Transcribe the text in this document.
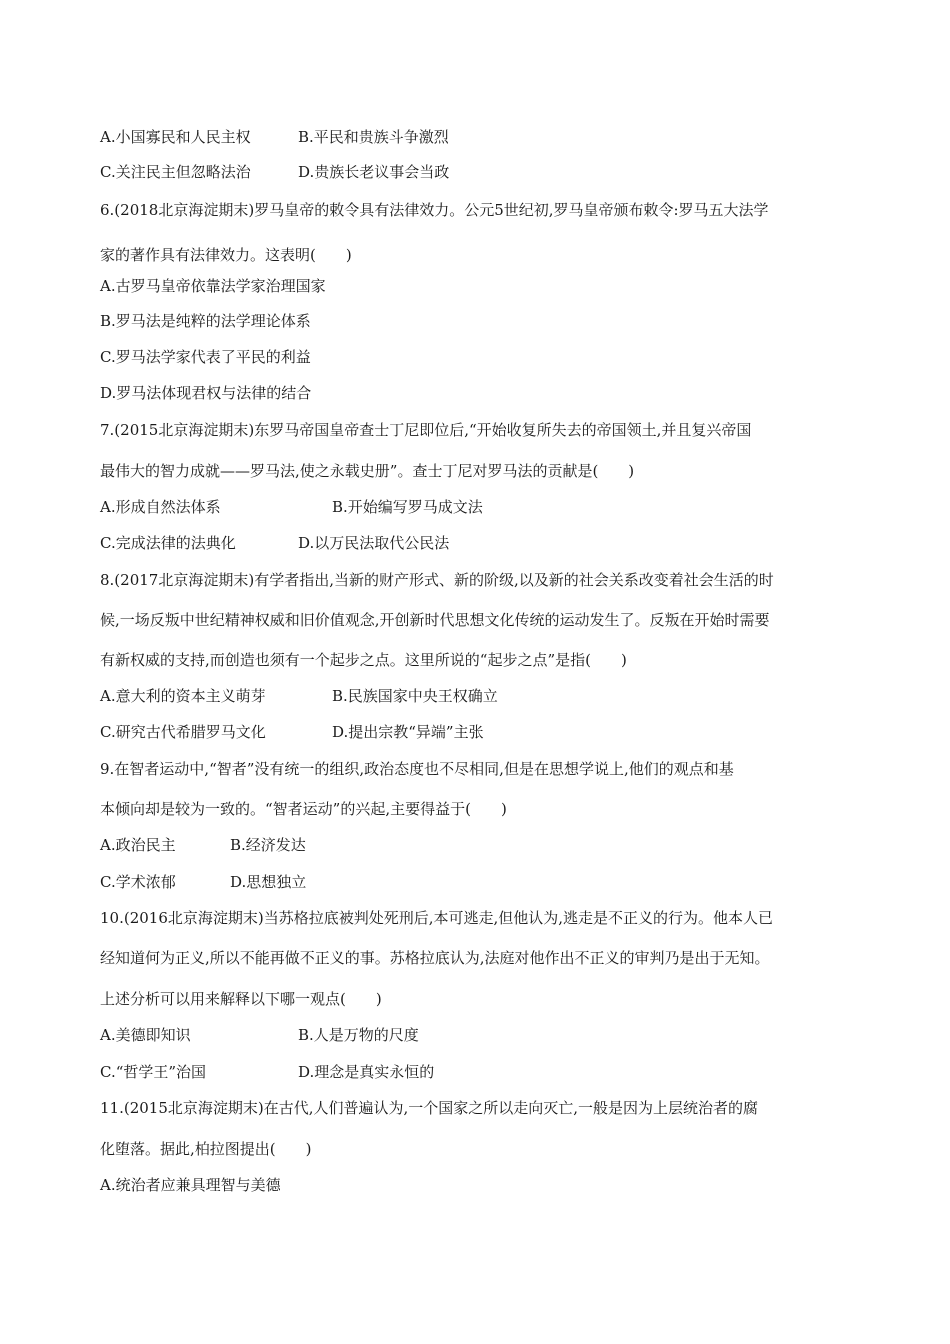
A.小国寡民和人民主权	B.平民和贵族斗争激烈
C.关注民主但忽略法治	D.贵族长老议事会当政
6.(2018北京海淀期末)罗马皇帝的敕令具有法律效力。公元5世纪初,罗马皇帝颁布敕令:罗马五大法学
家的著作具有法律效力。这表明(　　)
A.古罗马皇帝依靠法学家治理国家
B.罗马法是纯粹的法学理论体系
C.罗马法学家代表了平民的利益
D.罗马法体现君权与法律的结合
7.(2015北京海淀期末)东罗马帝国皇帝查士丁尼即位后,“开始收复所失去的帝国领土,并且复兴帝国
最伟大的智力成就——罗马法,使之永载史册”。查士丁尼对罗马法的贡献是(　　)
A.形成自然法体系	B.开始编写罗马成文法
C.完成法律的法典化	D.以万民法取代公民法
8.(2017北京海淀期末)有学者指出,当新的财产形式、新的阶级,以及新的社会关系改变着社会生活的时
候,一场反叛中世纪精神权威和旧价值观念,开创新时代思想文化传统的运动发生了。反叛在开始时需要
有新权威的支持,而创造也须有一个起步之点。这里所说的“起步之点”是指(　　)
A.意大利的资本主义萌芽	B.民族国家中央王权确立
C.研究古代希腊罗马文化	D.提出宗教“异端”主张
9.在智者运动中,“智者”没有统一的组织,政治态度也不尽相同,但是在思想学说上,他们的观点和基
本倾向却是较为一致的。“智者运动”的兴起,主要得益于(　　)
A.政治民主	B.经济发达
C.学术浓郁	D.思想独立
10.(2016北京海淀期末)当苏格拉底被判处死刑后,本可逃走,但他认为,逃走是不正义的行为。他本人已
经知道何为正义,所以不能再做不正义的事。苏格拉底认为,法庭对他作出不正义的审判乃是出于无知。
上述分析可以用来解释以下哪一观点(　　)
A.美德即知识	B.人是万物的尺度
C.“哲学王”治国	D.理念是真实永恒的
11.(2015北京海淀期末)在古代,人们普遍认为,一个国家之所以走向灭亡,一般是因为上层统治者的腐
化堕落。据此,柏拉图提出(　　)
A.统治者应兼具理智与美德
